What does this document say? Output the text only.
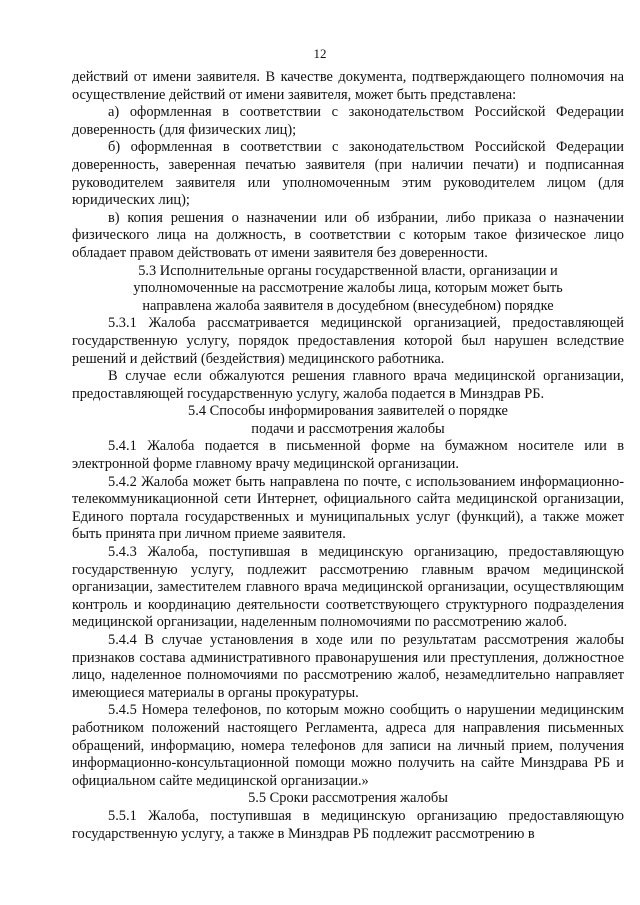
12

действий от имени заявителя. В качестве документа, подтверждающего полномочия на осуществление действий от имени заявителя, может быть представлена:

а) оформленная в соответствии с законодательством Российской Федерации доверенность (для физических лиц);

б) оформленная в соответствии с законодательством Российской Федерации доверенность, заверенная печатью заявителя (при наличии печати) и подписанная руководителем заявителя или уполномоченным этим руководителем лицом (для юридических лиц);

в) копия решения о назначении или об избрании, либо приказа о назначении физического лица на должность, в соответствии с которым такое физическое лицо обладает правом действовать от имени заявителя без доверенности.

5.3 Исполнительные органы государственной власти, организации и уполномоченные на рассмотрение жалобы лица, которым может быть направлена жалоба заявителя в досудебном (внесудебном) порядке

5.3.1 Жалоба рассматривается медицинской организацией, предоставляющей государственную услугу, порядок предоставления которой был нарушен вследствие решений и действий (бездействия) медицинского работника.

В случае если обжалуются решения главного врача медицинской организации, предоставляющей государственную услугу, жалоба подается в Минздрав РБ.

5.4 Способы информирования заявителей о порядке подачи и рассмотрения жалобы

5.4.1 Жалоба подается в письменной форме на бумажном носителе или в электронной форме главному врачу медицинской организации.

5.4.2 Жалоба может быть направлена по почте, с использованием информационно-телекоммуникационной сети Интернет, официального сайта медицинской организации, Единого портала государственных и муниципальных услуг (функций), а также может быть принята при личном приеме заявителя.

5.4.3 Жалоба, поступившая в медицинскую организацию, предоставляющую государственную услугу, подлежит рассмотрению главным врачом медицинской организации, заместителем главного врача медицинской организации, осуществляющим контроль и координацию деятельности соответствующего структурного подразделения медицинской организации, наделенным полномочиями по рассмотрению жалоб.

5.4.4 В случае установления в ходе или по результатам рассмотрения жалобы признаков состава административного правонарушения или преступления, должностное лицо, наделенное полномочиями по рассмотрению жалоб, незамедлительно направляет имеющиеся материалы в органы прокуратуры.

5.4.5 Номера телефонов, по которым можно сообщить о нарушении медицинским работником положений настоящего Регламента, адреса для направления письменных обращений, информацию, номера телефонов для записи на личный прием, получения информационно-консультационной помощи можно получить на сайте Минздрава РБ и официальном сайте медицинской организации.»

5.5 Сроки рассмотрения жалобы

5.5.1 Жалоба, поступившая в медицинскую организацию предоставляющую государственную услугу, а также в Минздрав РБ подлежит рассмотрению в
